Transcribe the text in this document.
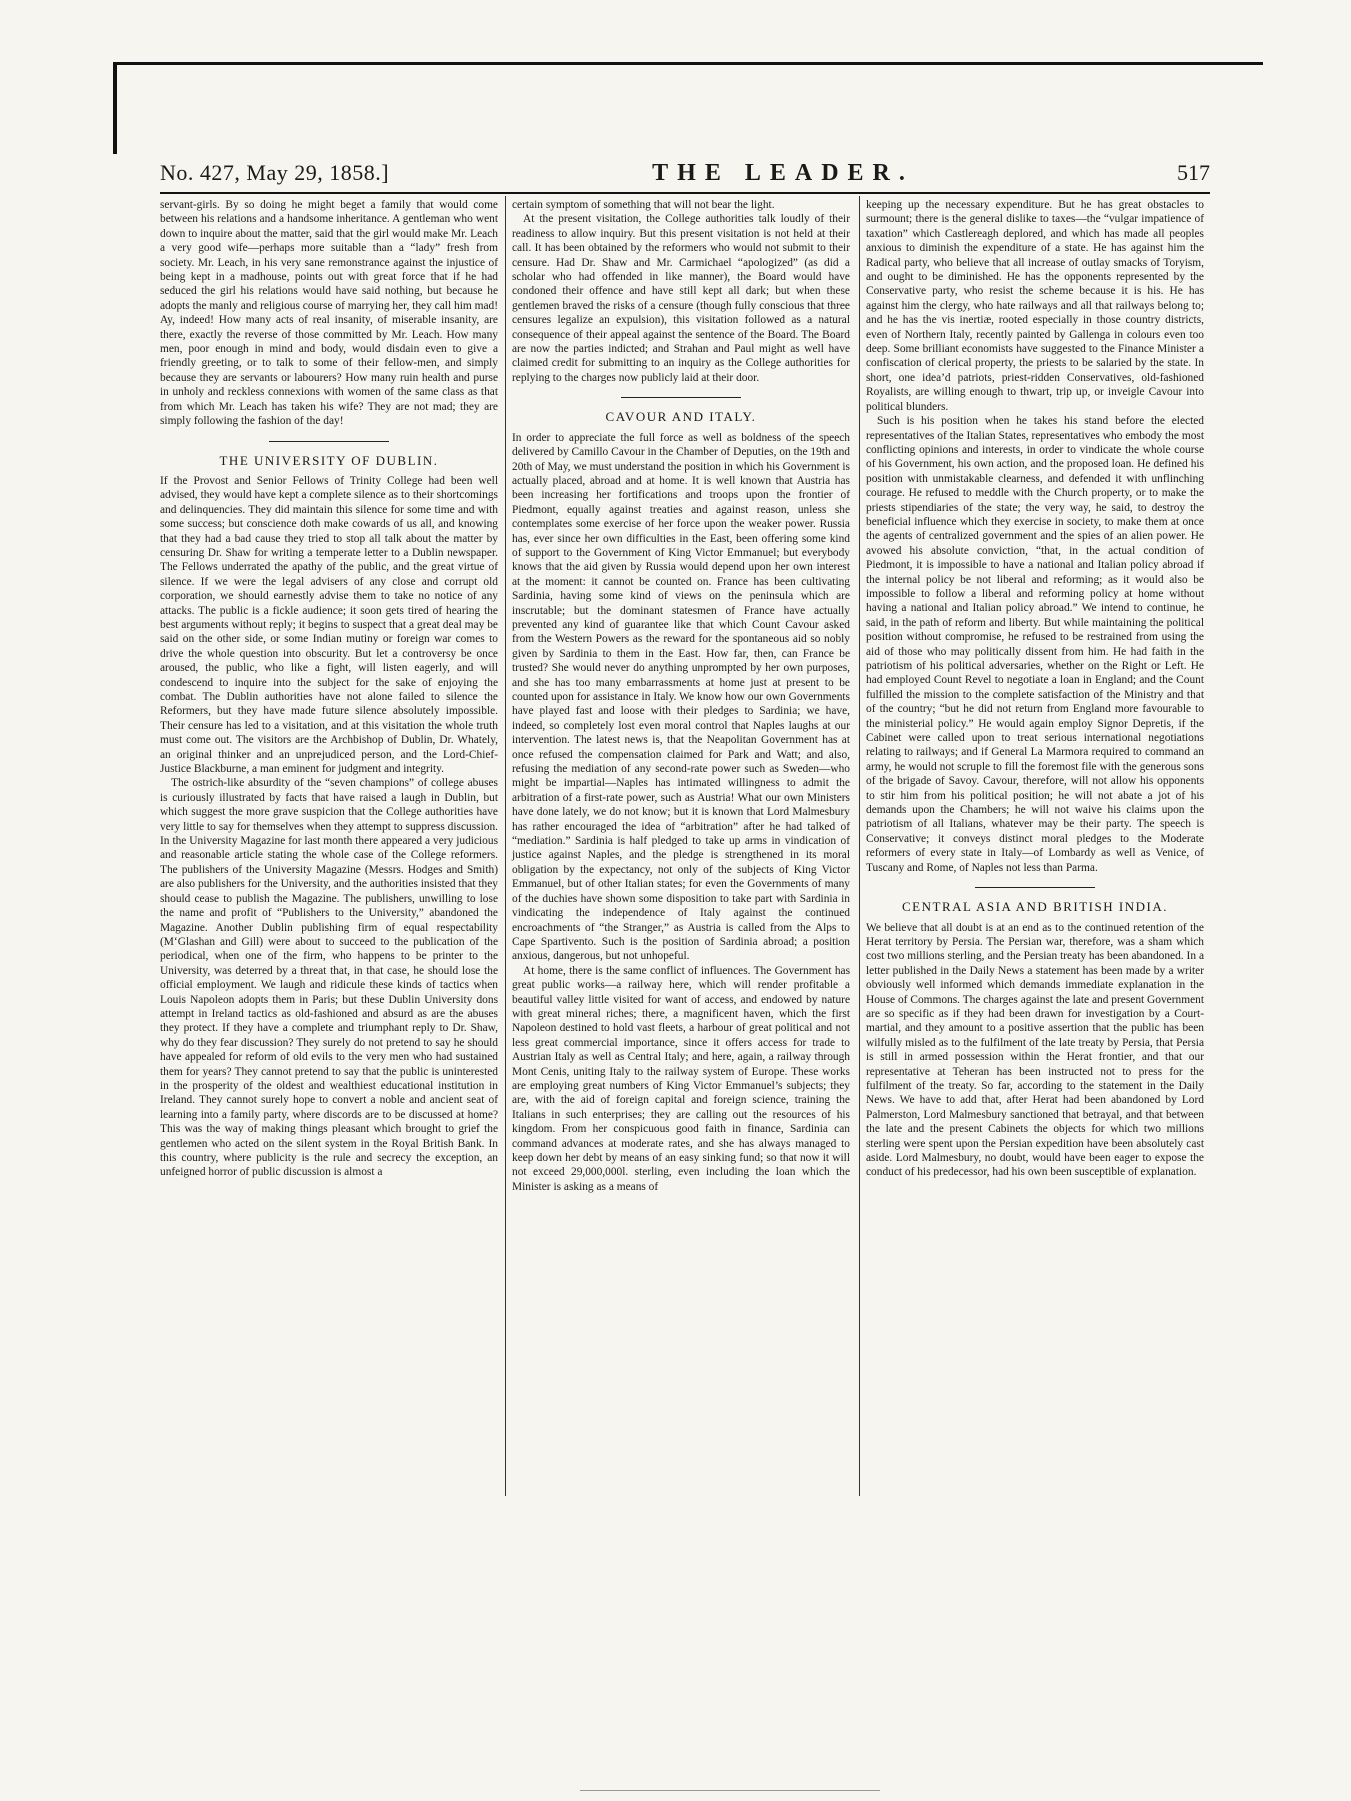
No. 427, May 29, 1858.]	THE LEADER.	517

servant-girls. By so doing he might beget a family that would come between his relations and a handsome inheritance. A gentleman who went down to inquire about the matter, said that the girl would make Mr. Leach a very good wife—perhaps more suitable than a “lady” fresh from society. Mr. Leach, in his very sane remonstrance against the injustice of being kept in a madhouse, points out with great force that if he had seduced the girl his relations would have said nothing, but because he adopts the manly and religious course of marrying her, they call him mad! Ay, indeed! How many acts of real insanity, of miserable insanity, are there, exactly the reverse of those committed by Mr. Leach. How many men, poor enough in mind and body, would disdain even to give a friendly greeting, or to talk to some of their fellow-men, and simply because they are servants or labourers? How many ruin health and purse in unholy and reckless connexions with women of the same class as that from which Mr. Leach has taken his wife? They are not mad; they are simply following the fashion of the day!

THE UNIVERSITY OF DUBLIN.

If the Provost and Senior Fellows of Trinity College had been well advised, they would have kept a complete silence as to their shortcomings and delinquencies. They did maintain this silence for some time and with some success; but conscience doth make cowards of us all, and knowing that they had a bad cause they tried to stop all talk about the matter by censuring Dr. Shaw for writing a temperate letter to a Dublin newspaper. The Fellows underrated the apathy of the public, and the great virtue of silence. If we were the legal advisers of any close and corrupt old corporation, we should earnestly advise them to take no notice of any attacks. The public is a fickle audience; it soon gets tired of hearing the best arguments without reply; it begins to suspect that a great deal may be said on the other side, or some Indian mutiny or foreign war comes to drive the whole question into obscurity. But let a controversy be once aroused, the public, who like a fight, will listen eagerly, and will condescend to inquire into the subject for the sake of enjoying the combat. The Dublin authorities have not alone failed to silence the Reformers, but they have made future silence absolutely impossible. Their censure has led to a visitation, and at this visitation the whole truth must come out. The visitors are the Archbishop of Dublin, Dr. Whately, an original thinker and an unprejudiced person, and the Lord-Chief-Justice Blackburne, a man eminent for judgment and integrity.

The ostrich-like absurdity of the “seven champions” of college abuses is curiously illustrated by facts that have raised a laugh in Dublin, but which suggest the more grave suspicion that the College authorities have very little to say for themselves when they attempt to suppress discussion. In the University Magazine for last month there appeared a very judicious and reasonable article stating the whole case of the College reformers. The publishers of the University Magazine (Messrs. Hodges and Smith) are also publishers for the University, and the authorities insisted that they should cease to publish the Magazine. The publishers, unwilling to lose the name and profit of “Publishers to the University,” abandoned the Magazine. Another Dublin publishing firm of equal respectability (M‘Glashan and Gill) were about to succeed to the publication of the periodical, when one of the firm, who happens to be printer to the University, was deterred by a threat that, in that case, he should lose the official employment. We laugh and ridicule these kinds of tactics when Louis Napoleon adopts them in Paris; but these Dublin University dons attempt in Ireland tactics as old-fashioned and absurd as are the abuses they protect. If they have a complete and triumphant reply to Dr. Shaw, why do they fear discussion? They surely do not pretend to say he should have appealed for reform of old evils to the very men who had sustained them for years? They cannot pretend to say that the public is uninterested in the prosperity of the oldest and wealthiest educational institution in Ireland. They cannot surely hope to convert a noble and ancient seat of learning into a family party, where discords are to be discussed at home? This was the way of making things pleasant which brought to grief the gentlemen who acted on the silent system in the Royal British Bank. In this country, where publicity is the rule and secrecy the exception, an unfeigned horror of public discussion is almost a

certain symptom of something that will not bear the light.

At the present visitation, the College authorities talk loudly of their readiness to allow inquiry. But this present visitation is not held at their call. It has been obtained by the reformers who would not submit to their censure. Had Dr. Shaw and Mr. Carmichael “apologized” (as did a scholar who had offended in like manner), the Board would have condoned their offence and have still kept all dark; but when these gentlemen braved the risks of a censure (though fully conscious that three censures legalize an expulsion), this visitation followed as a natural consequence of their appeal against the sentence of the Board. The Board are now the parties indicted; and Strahan and Paul might as well have claimed credit for submitting to an inquiry as the College authorities for replying to the charges now publicly laid at their door.

CAVOUR AND ITALY.

In order to appreciate the full force as well as boldness of the speech delivered by Camillo Cavour in the Chamber of Deputies, on the 19th and 20th of May, we must understand the position in which his Government is actually placed, abroad and at home. It is well known that Austria has been increasing her fortifications and troops upon the frontier of Piedmont, equally against treaties and against reason, unless she contemplates some exercise of her force upon the weaker power. Russia has, ever since her own difficulties in the East, been offering some kind of support to the Government of King Victor Emmanuel; but everybody knows that the aid given by Russia would depend upon her own interest at the moment: it cannot be counted on. France has been cultivating Sardinia, having some kind of views on the peninsula which are inscrutable; but the dominant statesmen of France have actually prevented any kind of guarantee like that which Count Cavour asked from the Western Powers as the reward for the spontaneous aid so nobly given by Sardinia to them in the East. How far, then, can France be trusted? She would never do anything unprompted by her own purposes, and she has too many embarrassments at home just at present to be counted upon for assistance in Italy. We know how our own Governments have played fast and loose with their pledges to Sardinia; we have, indeed, so completely lost even moral control that Naples laughs at our intervention. The latest news is, that the Neapolitan Government has at once refused the compensation claimed for Park and Watt; and also, refusing the mediation of any second-rate power such as Sweden—who might be impartial—Naples has intimated willingness to admit the arbitration of a first-rate power, such as Austria! What our own Ministers have done lately, we do not know; but it is known that Lord Malmesbury has rather encouraged the idea of “arbitration” after he had talked of “mediation.” Sardinia is half pledged to take up arms in vindication of justice against Naples, and the pledge is strengthened in its moral obligation by the expectancy, not only of the subjects of King Victor Emmanuel, but of other Italian states; for even the Governments of many of the duchies have shown some disposition to take part with Sardinia in vindicating the independence of Italy against the continued encroachments of “the Stranger,” as Austria is called from the Alps to Cape Spartivento. Such is the position of Sardinia abroad; a position anxious, dangerous, but not unhopeful.

At home, there is the same conflict of influences. The Government has great public works—a railway here, which will render profitable a beautiful valley little visited for want of access, and endowed by nature with great mineral riches; there, a magnificent haven, which the first Napoleon destined to hold vast fleets, a harbour of great political and not less great commercial importance, since it offers access for trade to Austrian Italy as well as Central Italy; and here, again, a railway through Mont Cenis, uniting Italy to the railway system of Europe. These works are employing great numbers of King Victor Emmanuel’s subjects; they are, with the aid of foreign capital and foreign science, training the Italians in such enterprises; they are calling out the resources of his kingdom. From her conspicuous good faith in finance, Sardinia can command advances at moderate rates, and she has always managed to keep down her debt by means of an easy sinking fund; so that now it will not exceed 29,000,000l. sterling, even including the loan which the Minister is asking as a means of

keeping up the necessary expenditure. But he has great obstacles to surmount; there is the general dislike to taxes—the “vulgar impatience of taxation” which Castlereagh deplored, and which has made all peoples anxious to diminish the expenditure of a state. He has against him the Radical party, who believe that all increase of outlay smacks of Toryism, and ought to be diminished. He has the opponents represented by the Conservative party, who resist the scheme because it is his. He has against him the clergy, who hate railways and all that railways belong to; and he has the vis inertiæ, rooted especially in those country districts, even of Northern Italy, recently painted by Gallenga in colours even too deep. Some brilliant economists have suggested to the Finance Minister a confiscation of clerical property, the priests to be salaried by the state. In short, one idea’d patriots, priest-ridden Conservatives, old-fashioned Royalists, are willing enough to thwart, trip up, or inveigle Cavour into political blunders.

Such is his position when he takes his stand before the elected representatives of the Italian States, representatives who embody the most conflicting opinions and interests, in order to vindicate the whole course of his Government, his own action, and the proposed loan. He defined his position with unmistakable clearness, and defended it with unflinching courage. He refused to meddle with the Church property, or to make the priests stipendiaries of the state; the very way, he said, to destroy the beneficial influence which they exercise in society, to make them at once the agents of centralized government and the spies of an alien power. He avowed his absolute conviction, “that, in the actual condition of Piedmont, it is impossible to have a national and Italian policy abroad if the internal policy be not liberal and reforming; as it would also be impossible to follow a liberal and reforming policy at home without having a national and Italian policy abroad.” We intend to continue, he said, in the path of reform and liberty. But while maintaining the political position without compromise, he refused to be restrained from using the aid of those who may politically dissent from him. He had faith in the patriotism of his political adversaries, whether on the Right or Left. He had employed Count Revel to negotiate a loan in England; and the Count fulfilled the mission to the complete satisfaction of the Ministry and that of the country; “but he did not return from England more favourable to the ministerial policy.” He would again employ Signor Depretis, if the Cabinet were called upon to treat serious international negotiations relating to railways; and if General La Marmora required to command an army, he would not scruple to fill the foremost file with the generous sons of the brigade of Savoy. Cavour, therefore, will not allow his opponents to stir him from his political position; he will not abate a jot of his demands upon the Chambers; he will not waive his claims upon the patriotism of all Italians, whatever may be their party. The speech is Conservative; it conveys distinct moral pledges to the Moderate reformers of every state in Italy—of Lombardy as well as Venice, of Tuscany and Rome, of Naples not less than Parma.

CENTRAL ASIA AND BRITISH INDIA.

We believe that all doubt is at an end as to the continued retention of the Herat territory by Persia. The Persian war, therefore, was a sham which cost two millions sterling, and the Persian treaty has been abandoned. In a letter published in the Daily News a statement has been made by a writer obviously well informed which demands immediate explanation in the House of Commons. The charges against the late and present Government are so specific as if they had been drawn for investigation by a Court-martial, and they amount to a positive assertion that the public has been wilfully misled as to the fulfilment of the late treaty by Persia, that Persia is still in armed possession within the Herat frontier, and that our representative at Teheran has been instructed not to press for the fulfilment of the treaty. So far, according to the statement in the Daily News. We have to add that, after Herat had been abandoned by Lord Palmerston, Lord Malmesbury sanctioned that betrayal, and that between the late and the present Cabinets the objects for which two millions sterling were spent upon the Persian expedition have been absolutely cast aside. Lord Malmesbury, no doubt, would have been eager to expose the conduct of his predecessor, had his own been susceptible of explanation.
